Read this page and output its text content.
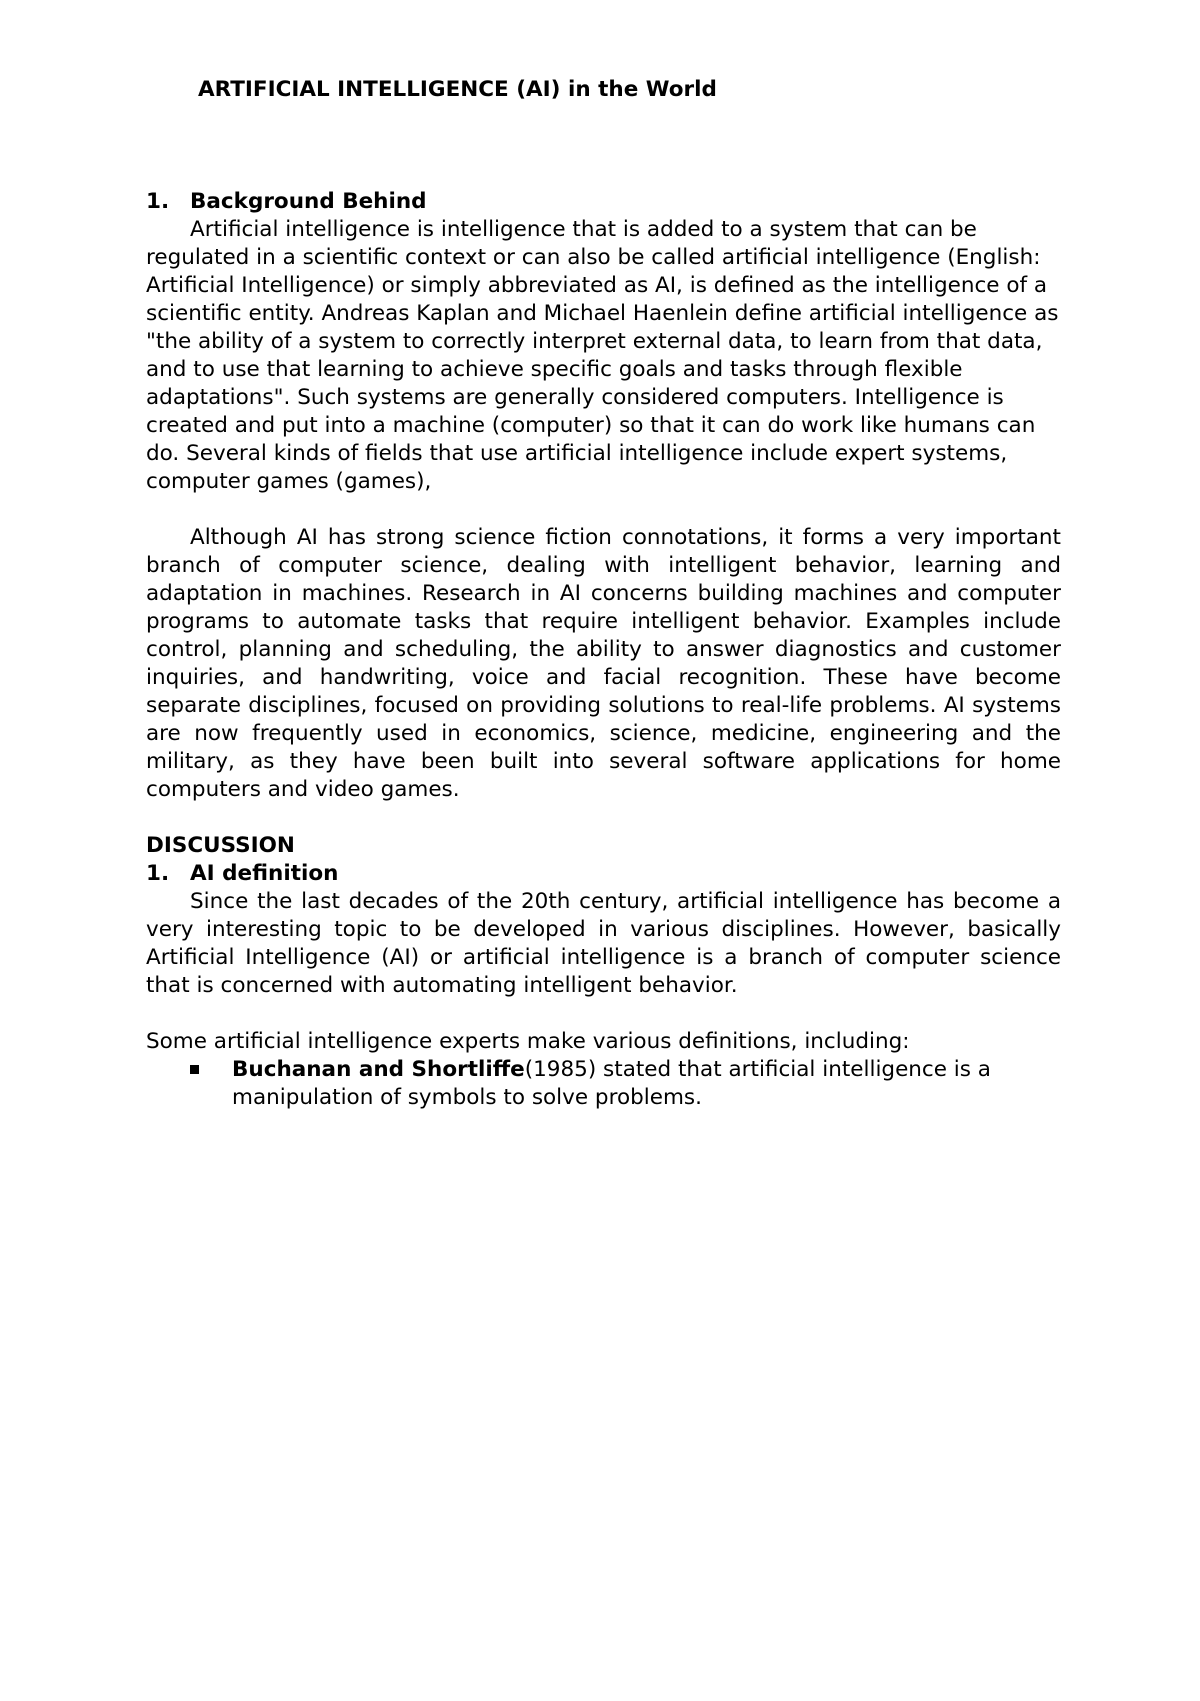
ARTIFICIAL INTELLIGENCE (AI) in the World

1. Background Behind

Artificial intelligence is intelligence that is added to a system that can be regulated in a scientific context or can also be called artificial intelligence (English: Artificial Intelligence) or simply abbreviated as AI, is defined as the intelligence of a scientific entity. Andreas Kaplan and Michael Haenlein define artificial intelligence as "the ability of a system to correctly interpret external data, to learn from that data, and to use that learning to achieve specific goals and tasks through flexible adaptations". Such systems are generally considered computers. Intelligence is created and put into a machine (computer) so that it can do work like humans can do. Several kinds of fields that use artificial intelligence include expert systems, computer games (games),

Although AI has strong science fiction connotations, it forms a very important branch of computer science, dealing with intelligent behavior, learning and adaptation in machines. Research in AI concerns building machines and computer programs to automate tasks that require intelligent behavior. Examples include control, planning and scheduling, the ability to answer diagnostics and customer inquiries, and handwriting, voice and facial recognition. These have become separate disciplines, focused on providing solutions to real-life problems. AI systems are now frequently used in economics, science, medicine, engineering and the military, as they have been built into several software applications for home computers and video games.

DISCUSSION

1. AI definition

Since the last decades of the 20th century, artificial intelligence has become a very interesting topic to be developed in various disciplines. However, basically Artificial Intelligence (AI) or artificial intelligence is a branch of computer science that is concerned with automating intelligent behavior.

Some artificial intelligence experts make various definitions, including:

Buchanan and Shortliffe(1985) stated that artificial intelligence is a manipulation of symbols to solve problems.
